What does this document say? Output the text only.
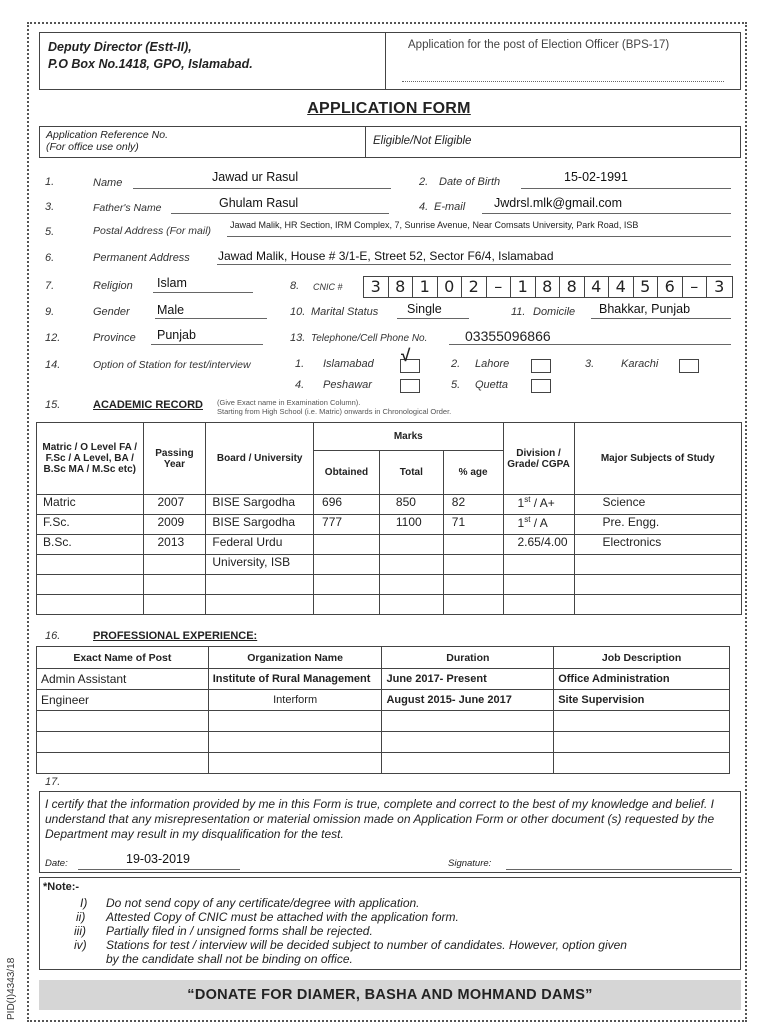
Deputy Director (Estt-II),
P.O Box No.1418, GPO, Islamabad.
Application for the post of Election Officer (BPS-17)
APPLICATION FORM
Application Reference No.
(For office use only)	Eligible/Not Eligible
1.	Name	Jawad ur Rasul	2. Date of Birth	15-02-1991
3.	Father's Name	Ghulam Rasul	4. E-mail Jwdrsl.mlk@gmail.com
5.	Postal Address (For mail) Jawad Malik, HR Section, IRM Complex, 7, Sunrise Avenue, Near Comsats University, Park Road, ISB
6.	Permanent Address Jawad Malik, House # 3/1-E, Street 52, Sector F6/4, Islamabad
7.	Religion Islam	8. CNIC #	3 8 1 0 2 – 1 8 8 4 4 5 6 – 3
9.	Gender Male	10. Marital Status Single	11. Domicile Bhakkar, Punjab
12.	Province Punjab	13. Telephone/Cell Phone No.	03355096866
14.	Option of Station for test/interview	1. Islamabad √	2. Lahore	3. Karachi
4. Peshawar	5. Quetta
15.	ACADEMIC RECORD (Give Exact name in Examination Column).
Starting from High School (i.e. Matric) onwards in Chronological Order.
Matric / O Level FA / F.Sc / A Level, BA / B.Sc MA / M.Sc etc)	Passing Year	Board / University	Marks			Division / Grade/ CGPA	Major Subjects of Study
			Obtained	Total	% age		
Matric	2007	BISE Sargodha	696	850	82	1st / A+	Science
F.Sc.	2009	BISE Sargodha	777	1100	71	1st / A	Pre. Engg.
B.Sc.	2013	Federal Urdu				2.65/4.00	Electronics
		University, ISB					

16.	PROFESSIONAL EXPERIENCE:
Exact Name of Post	Organization Name	Duration	Job Description
Admin Assistant	Institute of Rural Management	June 2017- Present	Office Administration
Engineer	Interform	August 2015- June 2017	Site Supervision

17.

I certify that the information provided by me in this Form is true, complete and correct to the best of my knowledge and belief. I understand that any misrepresentation or material omission made on Application Form or other document (s) requested by the Department may result in my disqualification for the test.

Date:	19-03-2019	Signature:
*Note:-
I) Do not send copy of any certificate/degree with application.
ii) Attested Copy of CNIC must be attached with the application form.
iii) Partially filed in / unsigned forms shall be rejected.
iv) Stations for test / interview will be decided subject to number of candidates. However, option given
by the candidate shall not be binding on office.
“DONATE FOR DIAMER, BASHA AND MOHMAND DAMS”
PID(I)4343/18
